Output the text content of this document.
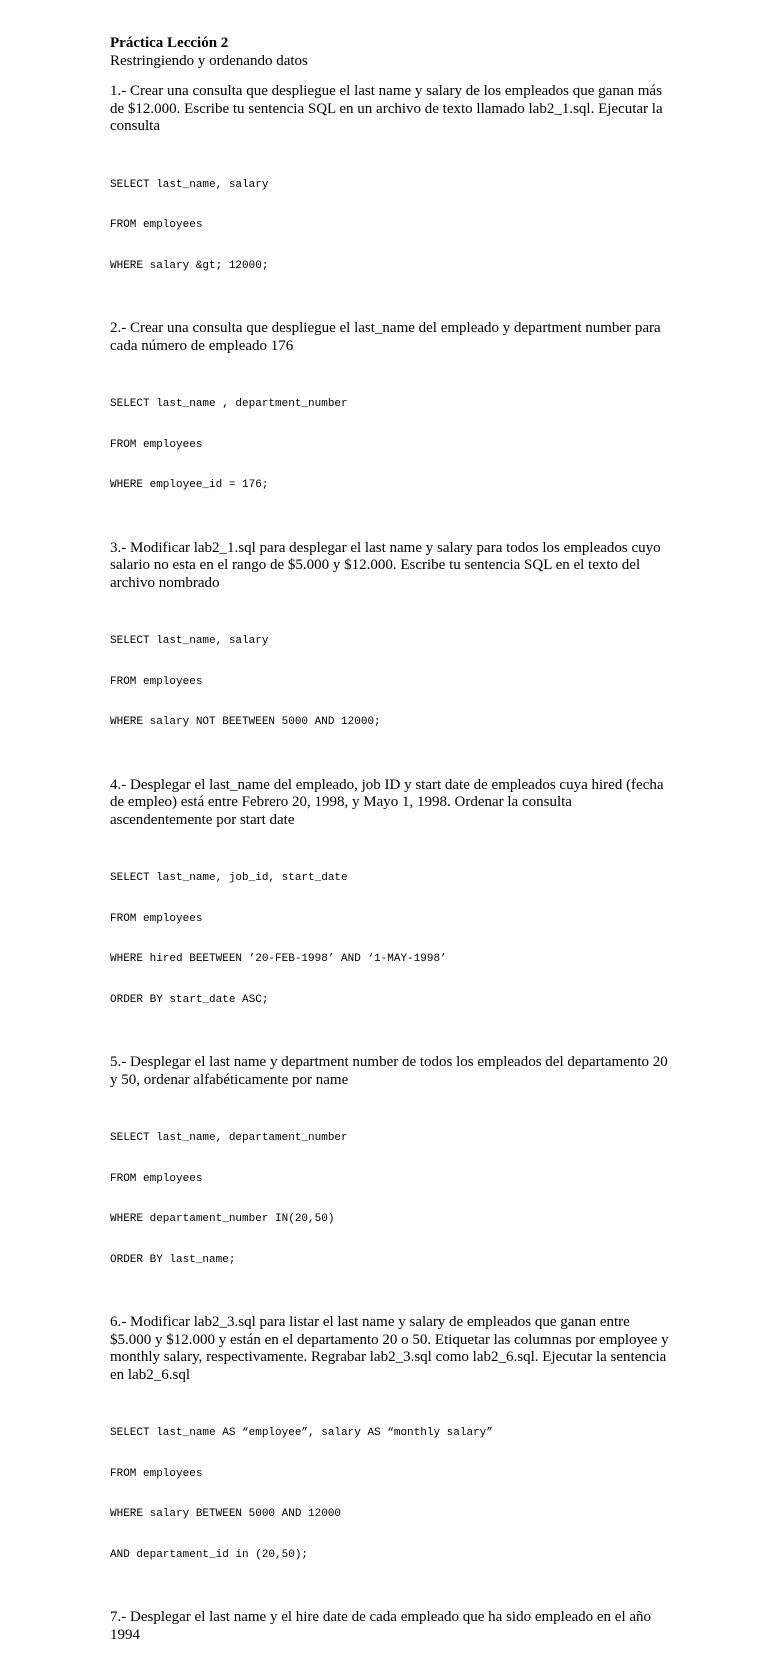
Práctica Lección 2

Restringiendo y ordenando datos

1.- Crear una consulta que despliegue el last name y salary de los empleados que ganan más de $12.000. Escribe tu sentencia SQL en un archivo de texto llamado lab2_1.sql. Ejecutar la consulta

SELECT last_name, salary

FROM employees

WHERE salary &gt; 12000;

2.- Crear una consulta que despliegue el last_name del empleado y department number para cada número de empleado 176

SELECT last_name , department_number

FROM employees

WHERE employee_id = 176;

3.- Modificar lab2_1.sql para desplegar el last name y salary para todos los empleados cuyo salario no esta en el rango de $5.000 y $12.000. Escribe tu sentencia SQL en el texto del archivo nombrado

SELECT last_name, salary

FROM employees

WHERE salary NOT BEETWEEN 5000 AND 12000;

4.- Desplegar el last_name del empleado, job ID y start date de empleados cuya hired (fecha de empleo) está entre Febrero 20, 1998, y Mayo 1, 1998. Ordenar la consulta ascendentemente por start date

SELECT last_name, job_id, start_date

FROM employees

WHERE hired BEETWEEN ’20-FEB-1998’ AND ‘1-MAY-1998’

ORDER BY start_date ASC;

5.- Desplegar el last name y department number de todos los empleados del departamento 20 y 50, ordenar alfabéticamente por name

SELECT last_name, departament_number

FROM employees

WHERE departament_number IN(20,50)

ORDER BY last_name;

6.- Modificar lab2_3.sql para listar el last name y salary de empleados que ganan entre $5.000 y $12.000 y están en el departamento 20 o 50. Etiquetar las columnas por employee y monthly salary, respectivamente. Regrabar lab2_3.sql como lab2_6.sql. Ejecutar la sentencia en lab2_6.sql

SELECT last_name AS “employee”, salary AS “monthly salary”

FROM employees

WHERE salary BETWEEN 5000 AND 12000

AND departament_id in (20,50);

7.- Desplegar el last name y el hire date de cada empleado que ha sido empleado en el año 1994
